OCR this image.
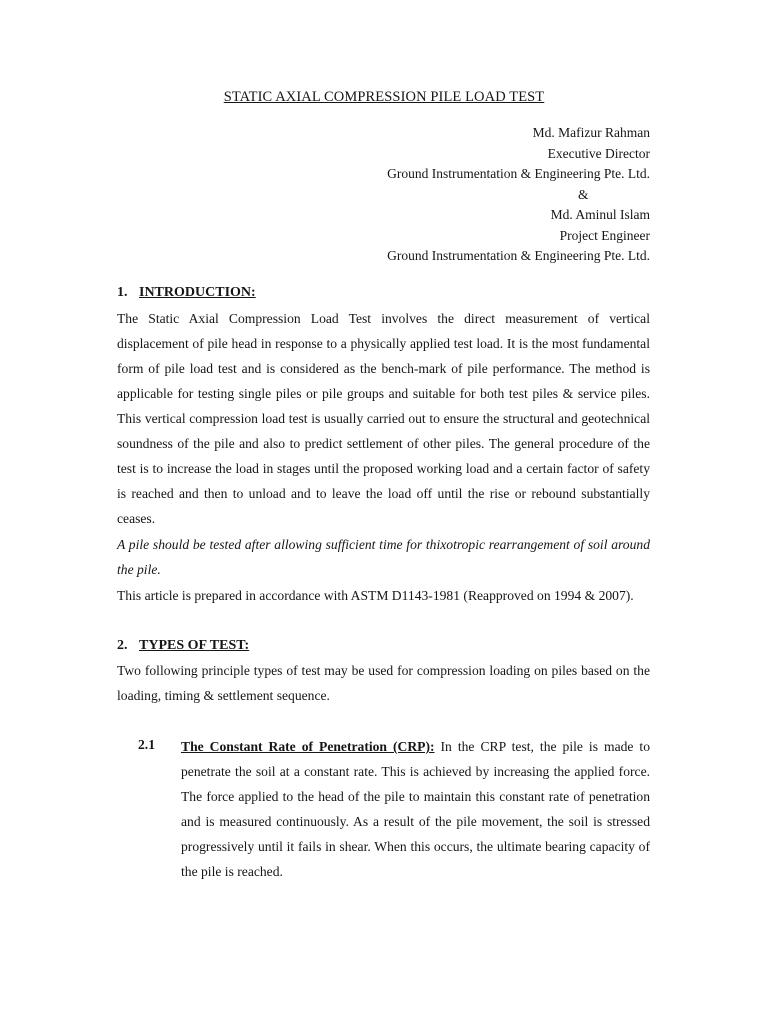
STATIC AXIAL COMPRESSION PILE LOAD TEST
Md. Mafizur Rahman
Executive Director
Ground Instrumentation & Engineering Pte. Ltd.
&
Md. Aminul Islam
Project Engineer
Ground Instrumentation & Engineering Pte. Ltd.
1. INTRODUCTION:
The Static Axial Compression Load Test involves the direct measurement of vertical displacement of pile head in response to a physically applied test load. It is the most fundamental form of pile load test and is considered as the bench-mark of pile performance. The method is applicable for testing single piles or pile groups and suitable for both test piles & service piles. This vertical compression load test is usually carried out to ensure the structural and geotechnical soundness of the pile and also to predict settlement of other piles. The general procedure of the test is to increase the load in stages until the proposed working load and a certain factor of safety is reached and then to unload and to leave the load off until the rise or rebound substantially ceases.
A pile should be tested after allowing sufficient time for thixotropic rearrangement of soil around the pile.
This article is prepared in accordance with ASTM D1143-1981 (Reapproved on 1994 & 2007).
2. TYPES OF TEST:
Two following principle types of test may be used for compression loading on piles based on the loading, timing & settlement sequence.
2.1 The Constant Rate of Penetration (CRP): In the CRP test, the pile is made to penetrate the soil at a constant rate. This is achieved by increasing the applied force. The force applied to the head of the pile to maintain this constant rate of penetration and is measured continuously. As a result of the pile movement, the soil is stressed progressively until it fails in shear. When this occurs, the ultimate bearing capacity of the pile is reached.
